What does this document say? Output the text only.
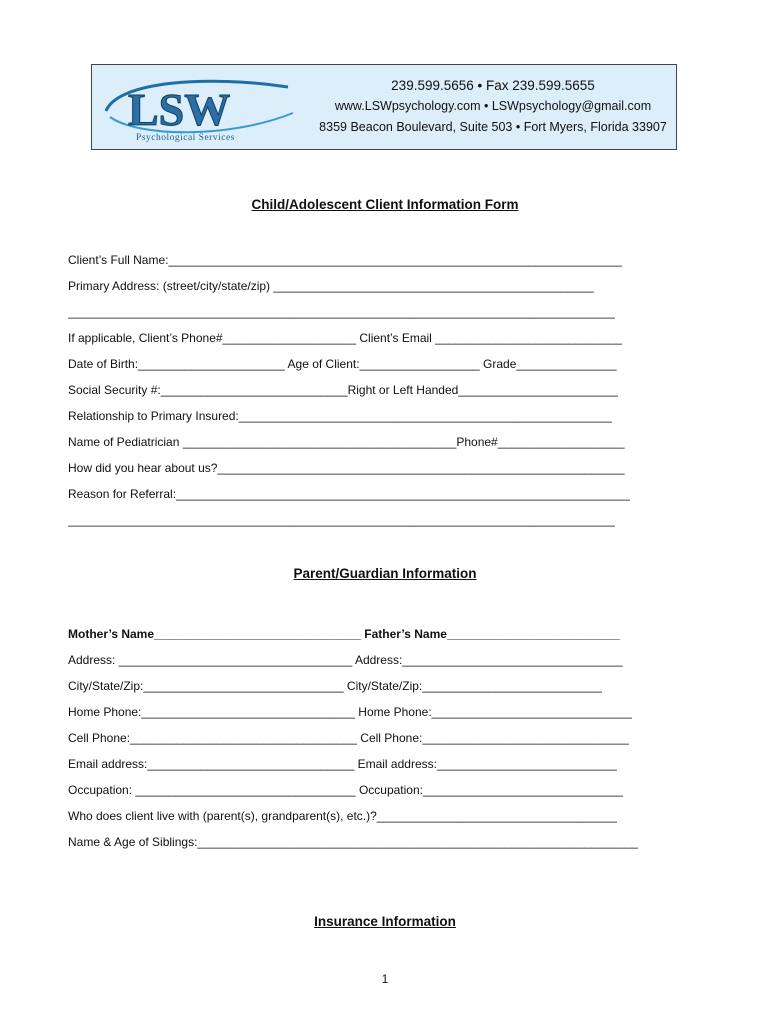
LSW
Psychological Services
239.599.5656 • Fax 239.599.5655
www.LSWpsychology.com • LSWpsychology@gmail.com
8359 Beacon Boulevard, Suite 503 • Fort Myers, Florida 33907
Child/Adolescent Client Information Form
Client’s Full Name:____________________________________________________________________
Primary Address: (street/city/state/zip) ________________________________________________
__________________________________________________________________________________
If applicable, Client’s Phone#____________________ Client’s Email ____________________________
Date of Birth:______________________ Age of Client:__________________ Grade_______________
Social Security #:____________________________Right or Left Handed________________________
Relationship to Primary Insured:________________________________________________________
Name of Pediatrician _________________________________________Phone#___________________
How did you hear about us?_____________________________________________________________
Reason for Referral:____________________________________________________________________
__________________________________________________________________________________
Parent/Guardian Information
Mother’s Name_______________________________ Father’s Name__________________________
Address: ___________________________________ Address:_________________________________
City/State/Zip:______________________________ City/State/Zip:___________________________
Home Phone:________________________________ Home Phone:______________________________
Cell Phone:__________________________________ Cell Phone:_______________________________
Email address:_______________________________ Email address:___________________________
Occupation: _________________________________ Occupation:______________________________
Who does client live with (parent(s), grandparent(s), etc.)?____________________________________
Name & Age of Siblings:__________________________________________________________________
Insurance Information
1
